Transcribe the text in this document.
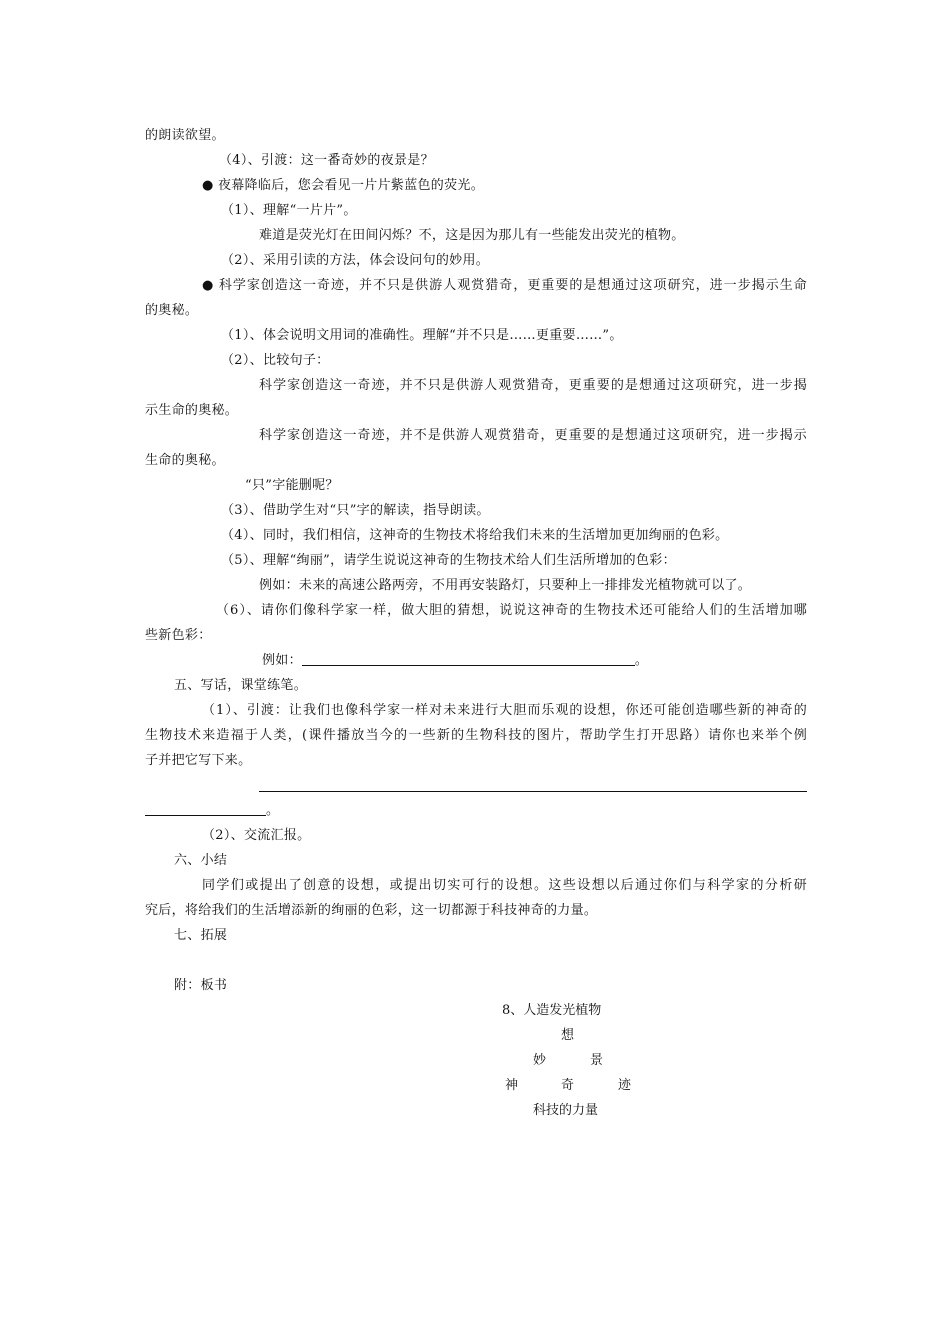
的朗读欲望。
（4）、引渡：这一番奇妙的夜景是？
● 夜幕降临后，您会看见一片片紫蓝色的荧光。
（1）、理解“一片片”。
难道是荧光灯在田间闪烁？不，这是因为那儿有一些能发出荧光的植物。
（2）、采用引读的方法，体会设问句的妙用。
● 科学家创造这一奇迹，并不只是供游人观赏猎奇，更重要的是想通过这项研究，进一步揭示生命
的奥秘。
（1）、体会说明文用词的准确性。理解“并不只是……更重要……”。
（2）、比较句子：
科学家创造这一奇迹，并不只是供游人观赏猎奇，更重要的是想通过这项研究，进一步揭
示生命的奥秘。
科学家创造这一奇迹，并不是供游人观赏猎奇，更重要的是想通过这项研究，进一步揭示
生命的奥秘。
“只”字能删呢？
（3）、借助学生对“只”字的解读，指导朗读。
（4）、同时，我们相信，这神奇的生物技术将给我们未来的生活增加更加绚丽的色彩。
（5）、理解“绚丽”，请学生说说这神奇的生物技术给人们生活所增加的色彩：
例如：未来的高速公路两旁，不用再安装路灯，只要种上一排排发光植物就可以了。
（6）、请你们像科学家一样，做大胆的猜想，说说这神奇的生物技术还可能给人们的生活增加哪
些新色彩：
例如：	。
五、写话，课堂练笔。
（1）、引渡：让我们也像科学家一样对未来进行大胆而乐观的设想，你还可能创造哪些新的神奇的
生物技术来造福于人类，(课件播放当今的一些新的生物科技的图片，帮助学生打开思路）请你也来举个例
子并把它写下来。
。
（2）、交流汇报。
六、小结
同学们或提出了创意的设想，或提出切实可行的设想。这些设想以后通过你们与科学家的分析研
究后，将给我们的生活增添新的绚丽的色彩，这一切都源于科技神奇的力量。
七、拓展
附：板书
8、人造发光植物
想
妙	景
神	奇	迹
科技的力量
